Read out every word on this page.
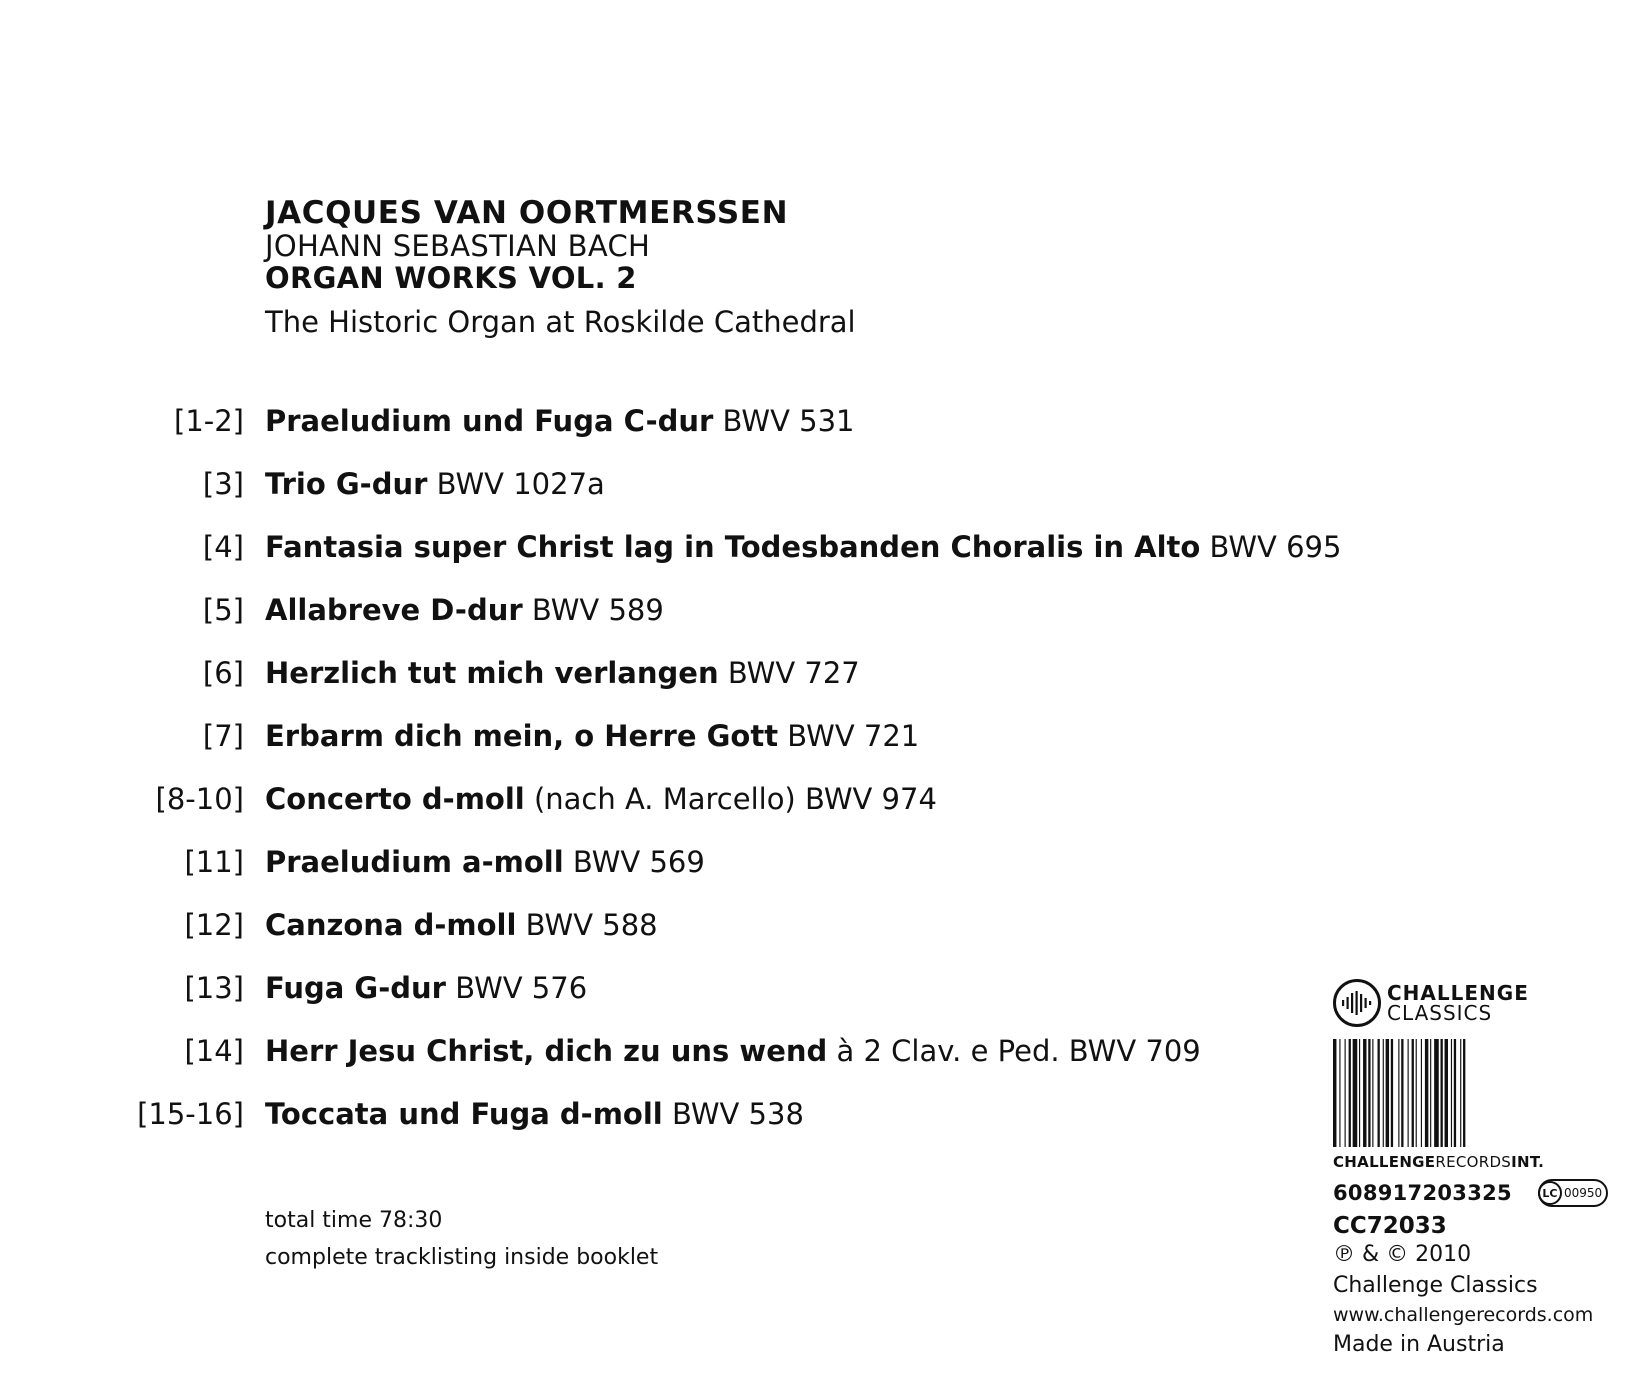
JACQUES VAN OORTMERSSEN
JOHANN SEBASTIAN BACH
ORGAN WORKS VOL. 2
The Historic Organ at Roskilde Cathedral
[1-2] Praeludium und Fuga C-dur BWV 531
[3] Trio G-dur BWV 1027a
[4] Fantasia super Christ lag in Todesbanden Choralis in Alto BWV 695
[5] Allabreve D-dur BWV 589
[6] Herzlich tut mich verlangen BWV 727
[7] Erbarm dich mein, o Herre Gott BWV 721
[8-10] Concerto d-moll (nach A. Marcello) BWV 974
[11] Praeludium a-moll BWV 569
[12] Canzona d-moll BWV 588
[13] Fuga G-dur BWV 576
[14] Herr Jesu Christ, dich zu uns wend à 2 Clav. e Ped. BWV 709
[15-16] Toccata und Fuga d-moll BWV 538
total time 78:30
complete tracklisting inside booklet
CHALLENGE
CLASSICS
CHALLENGERECORDSINT.
608917203325	LC 00950
CC72033
℗ & © 2010
Challenge Classics
www.challengerecords.com
Made in Austria
